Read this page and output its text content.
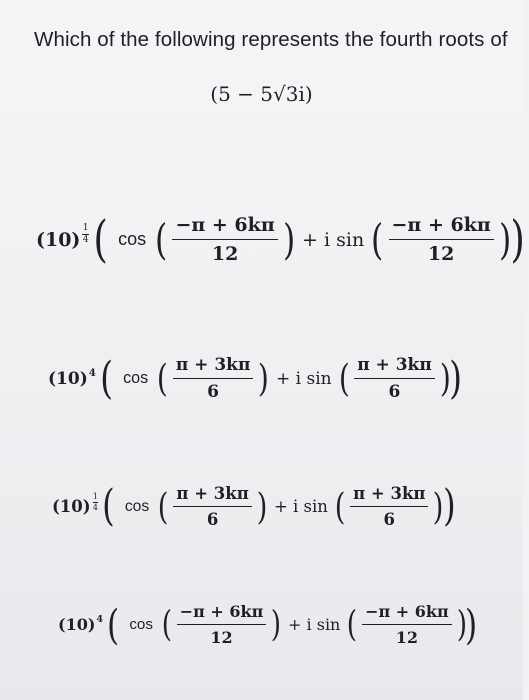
Which of the following represents the fourth roots of
(5 − 5√3i)
(10)
1
4 ( cos ( $\frac{-\pi + 6k\pi}{12}$ ) + i sin ( $\frac{-\pi + 6k\pi}{12}$ ) )
(10) 4 ( cos ( $\frac{\pi + 3k\pi}{6}$ ) + i sin ( $\frac{\pi + 3k\pi}{6}$ )
)
(10)
1
4 ( cos ( $\frac{\pi + 3k\pi}{6}$ ) + i sin ( $\frac{\pi + 3k\pi}{6}$ )
)
(10) 4 ( cos ( $\frac{-\pi + 6k\pi}{12}$ ) + i sin ( $\frac{-\pi + 6k\pi}{12}$ )
)
